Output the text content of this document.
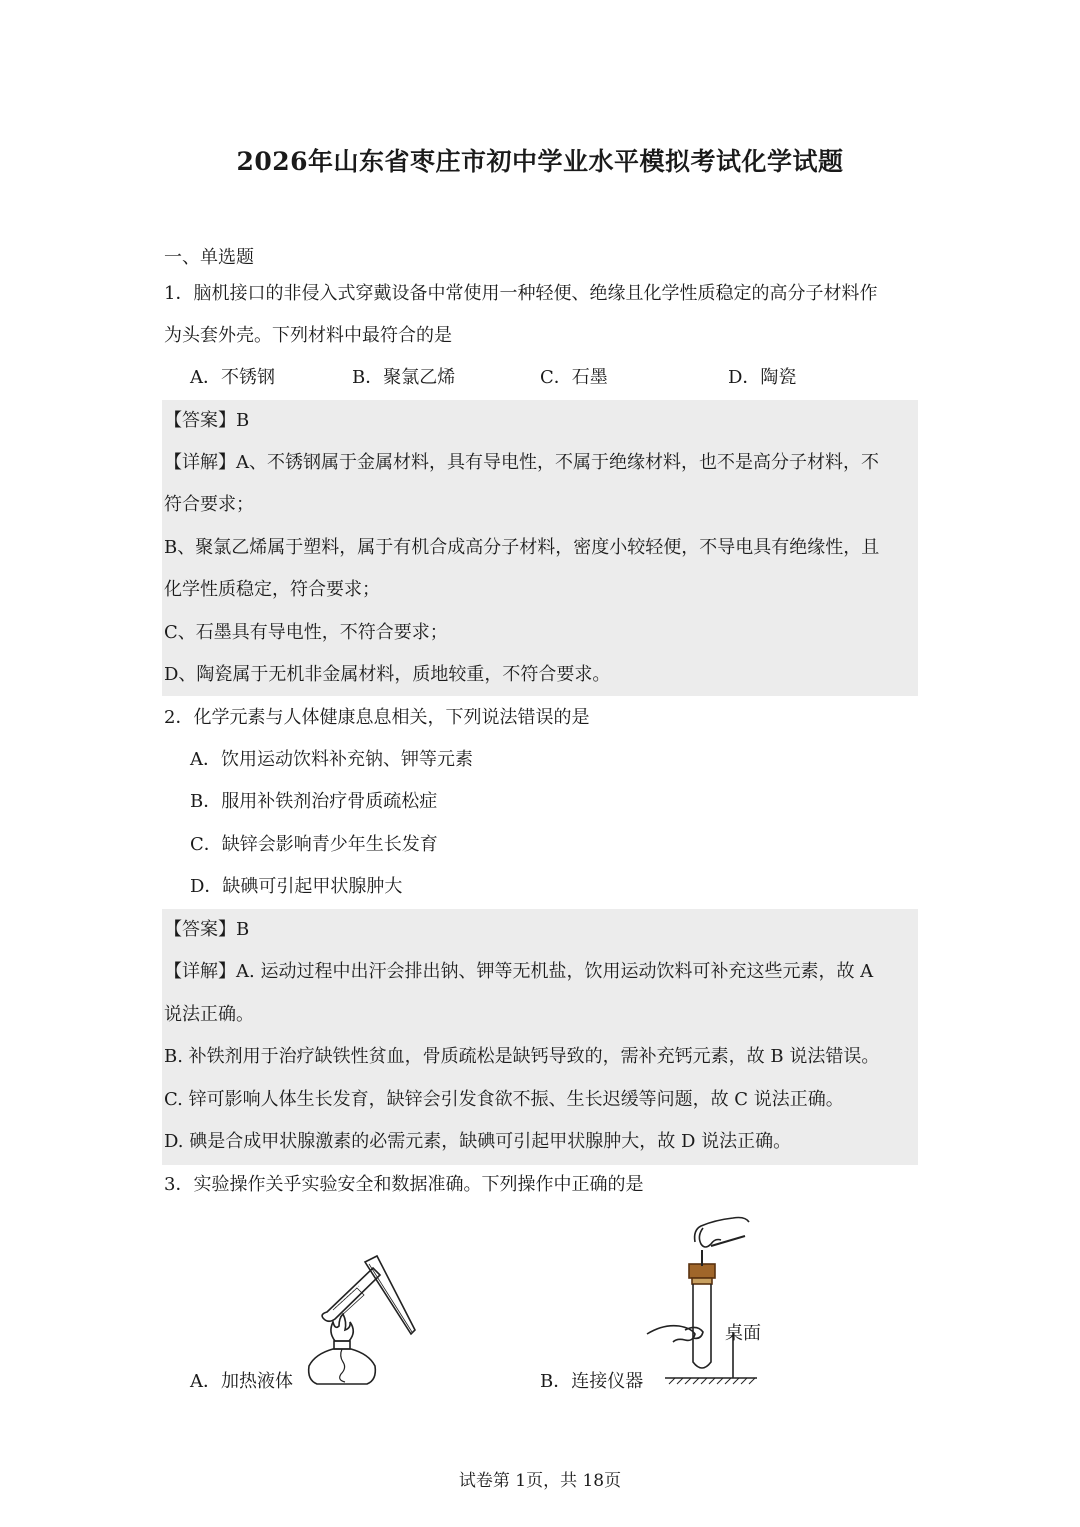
2026年山东省枣庄市初中学业水平模拟考试化学试题
一、单选题
1．脑机接口的非侵入式穿戴设备中常使用一种轻便、绝缘且化学性质稳定的高分子材料作
为头套外壳。下列材料中最符合的是
A．不锈钢	B．聚氯乙烯	C．石墨	D．陶瓷
【答案】B
【详解】A、不锈钢属于金属材料，具有导电性，不属于绝缘材料，也不是高分子材料，不
符合要求；
B、聚氯乙烯属于塑料，属于有机合成高分子材料，密度小较轻便，不导电具有绝缘性，且
化学性质稳定，符合要求；
C、石墨具有导电性，不符合要求；
D、陶瓷属于无机非金属材料，质地较重，不符合要求。
2．化学元素与人体健康息息相关，下列说法错误的是
A．饮用运动饮料补充钠、钾等元素
B．服用补铁剂治疗骨质疏松症
C．缺锌会影响青少年生长发育
D．缺碘可引起甲状腺肿大
【答案】B
【详解】A. 运动过程中出汗会排出钠、钾等无机盐，饮用运动饮料可补充这些元素，故 A
说法正确。
B. 补铁剂用于治疗缺铁性贫血，骨质疏松是缺钙导致的，需补充钙元素，故 B 说法错误。
C. 锌可影响人体生长发育，缺锌会引发食欲不振、生长迟缓等问题，故 C 说法正确。
D. 碘是合成甲状腺激素的必需元素，缺碘可引起甲状腺肿大，故 D 说法正确。
3．实验操作关乎实验安全和数据准确。下列操作中正确的是
A．加热液体
桌面
B．连接仪器
试卷第 1页，共 18页
